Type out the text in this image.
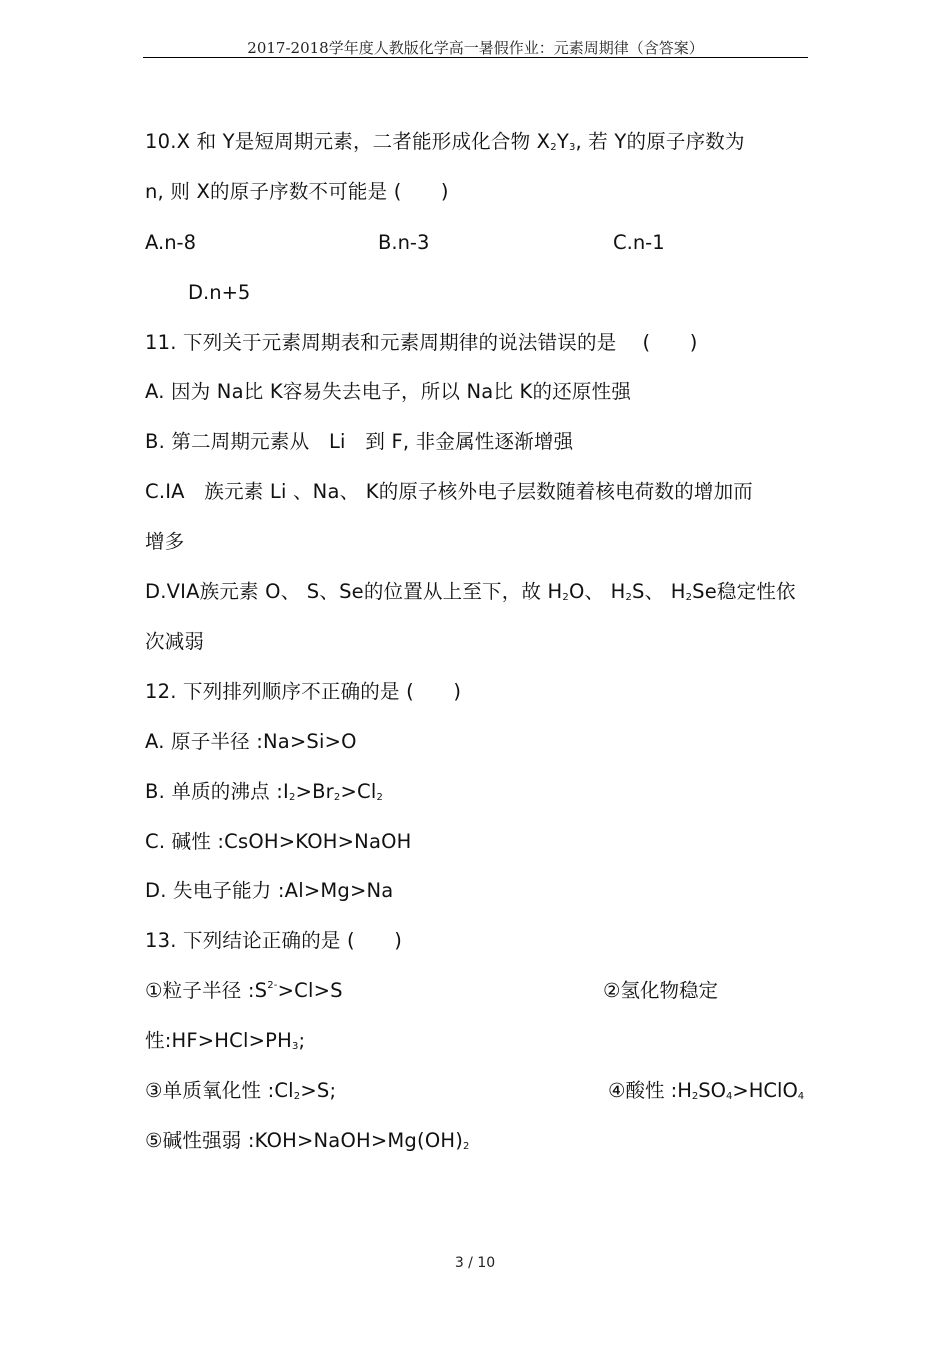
2017-2018学年度人教版化学高一暑假作业：元素周期律（含答案）
10.X 和 Y是短周期元素，二者能形成化合物 $X_2Y_3$, 若 Y的原子序数为
n, 则 X的原子序数不可能是 (　　)
A.n-8	B.n-3	C.n-1
D.n+5
11. 下列关于元素周期表和元素周期律的说法错误的是　 (　　)
A. 因为 Na比 K容易失去电子，所以 Na比 K的还原性强
B. 第二周期元素从　Li　到 F, 非金属性逐渐增强
C.IA　族元素 Li 、Na、 K的原子核外电子层数随着核电荷数的增加而
增多
D.VIA族元素 O、 S、Se的位置从上至下，故 $H_2O$、 $H_2S$、 $H_2Se$稳定性依
次减弱
12. 下列排列顺序不正确的是 (　　)
A. 原子半径 :Na>Si>O
B. 单质的沸点 $:I_2>Br_2>Cl_2$
C. 碱性 :CsOH>KOH>NaOH
D. 失电子能力 :Al>Mg>Na
13. 下列结论正确的是 (　　)
①粒子半径 $:S^{2-}>Cl>S$	②氢化物稳定
性$:HF>HCl>PH_3$;
③单质氧化性 $:Cl_2>S$;	④酸性 $:H_2SO_4>HClO_4$
⑤碱性强弱 $:KOH>NaOH>Mg(OH)_2$
3 / 10
